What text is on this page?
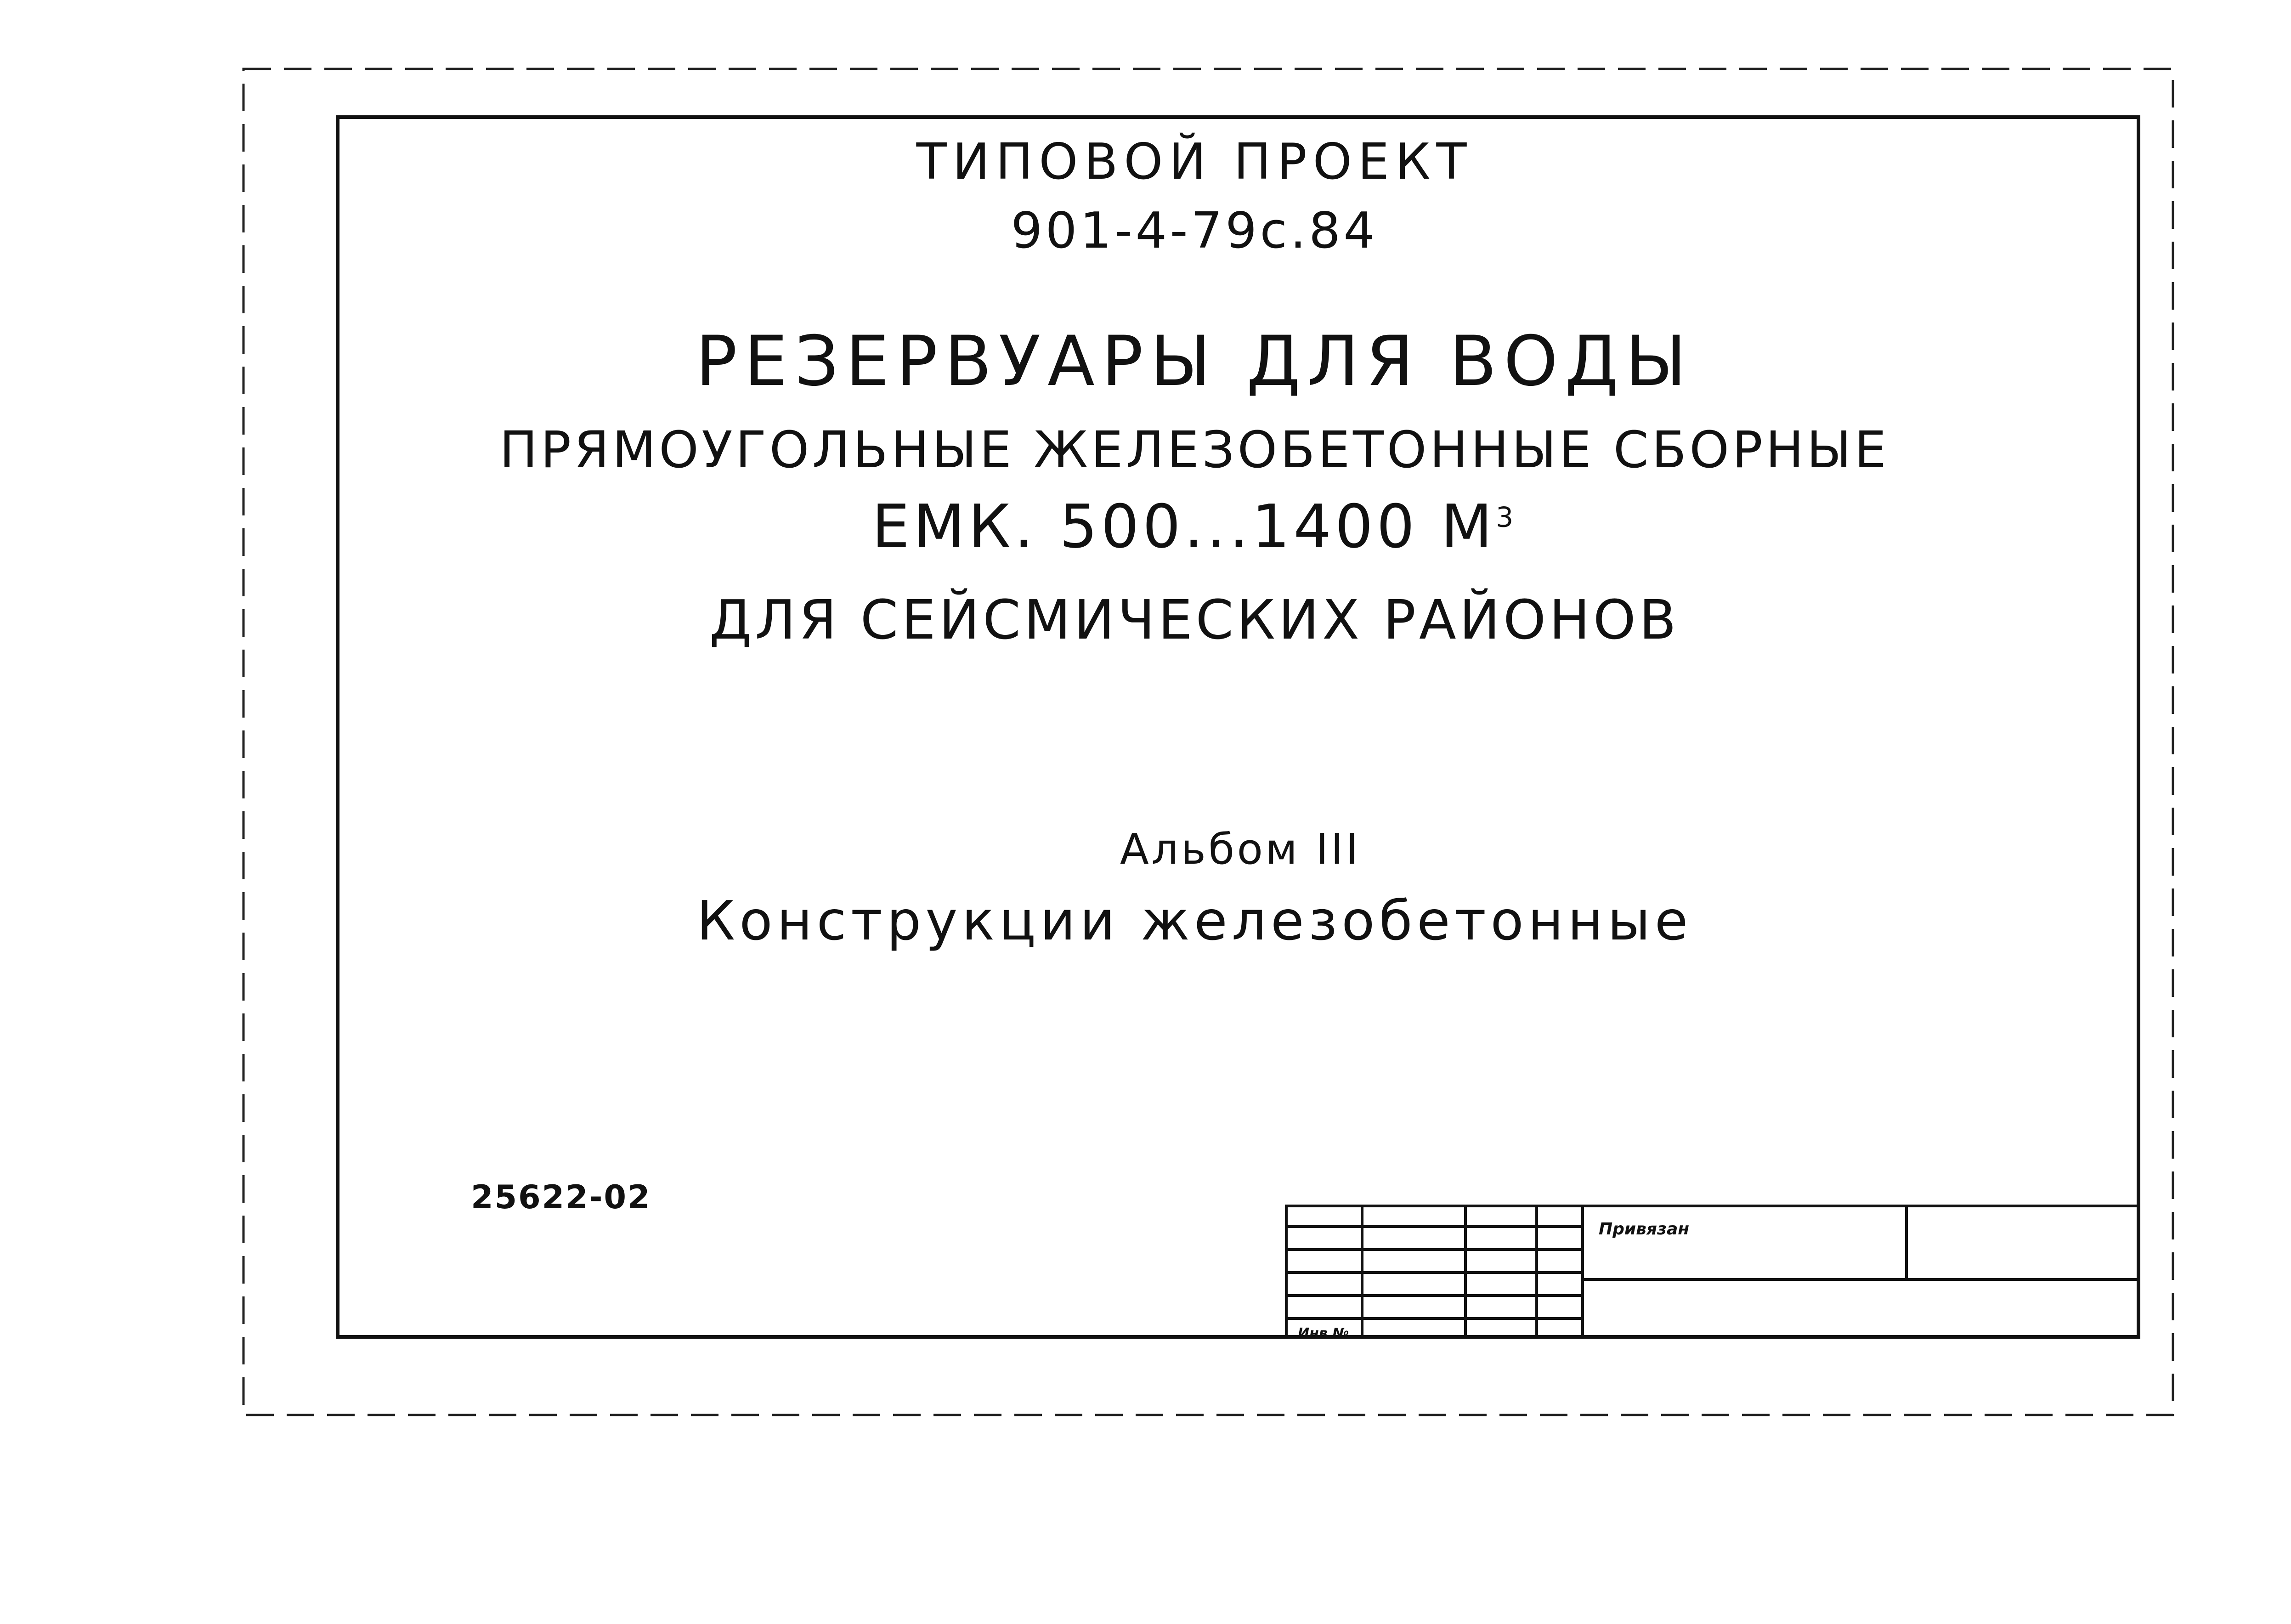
ТИПОВОЙ ПРОЕКТ
901-4-79с.84
РЕЗЕРВУАРЫ ДЛЯ ВОДЫ
ПРЯМОУГОЛЬНЫЕ ЖЕЛЕЗОБЕТОННЫЕ СБОРНЫЕ
ЕМК. 500...1400 $М^3$
ДЛЯ СЕЙСМИЧЕСКИХ РАЙОНОВ
Альбом III
Конструкции железобетонные
25622-02
Привязан
Инв №
